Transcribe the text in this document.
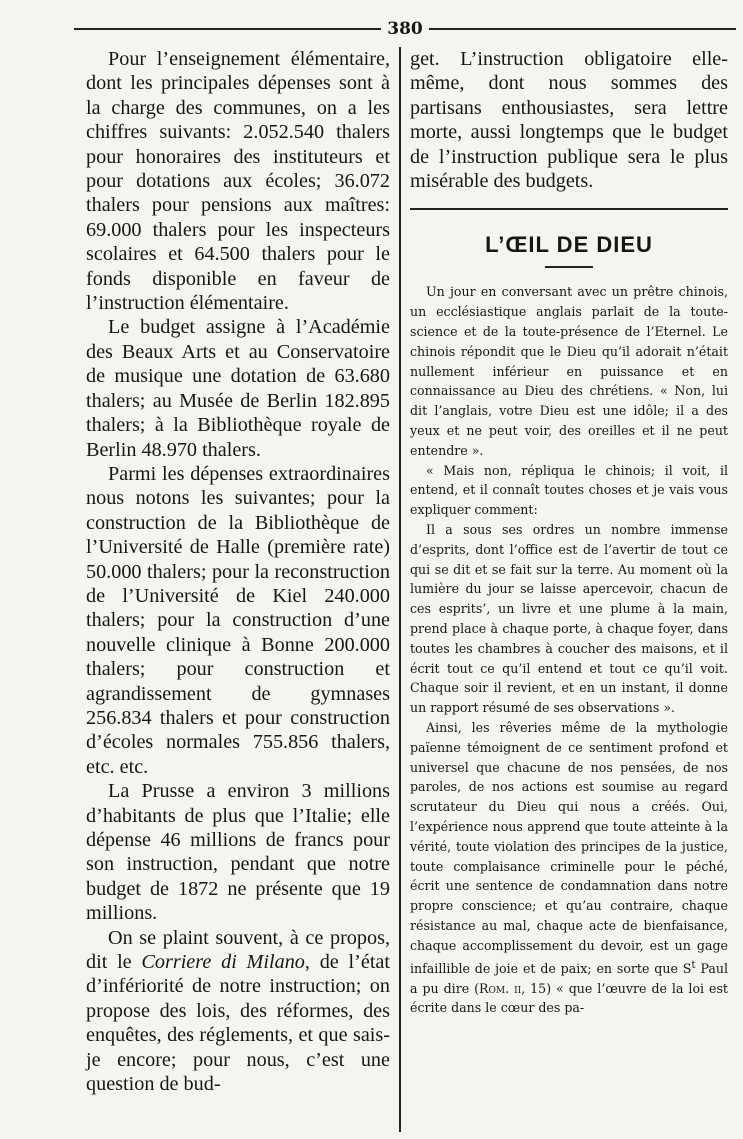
380

Pour l’enseignement élémentaire, dont les principales dépenses sont à la charge des communes, on a les chiffres suivants: 2.052.540 thalers pour honoraires des instituteurs et pour dotations aux écoles; 36.072 thalers pour pensions aux maîtres: 69.000 thalers pour les inspecteurs scolaires et 64.500 thalers pour le fonds disponible en faveur de l’instruction élémentaire.

Le budget assigne à l’Académie des Beaux Arts et au Conservatoire de musique une dotation de 63.680 thalers; au Musée de Berlin 182.895 thalers; à la Bibliothèque royale de Berlin 48.970 thalers.

Parmi les dépenses extraordinaires nous notons les suivantes; pour la construction de la Bibliothèque de l’Université de Halle (première rate) 50.000 thalers; pour la reconstruction de l’Université de Kiel 240.000 thalers; pour la construction d’une nouvelle clinique à Bonne 200.000 thalers; pour construction et agrandissement de gymnases 256.834 thalers et pour construction d’écoles normales 755.856 thalers, etc. etc.

La Prusse a environ 3 millions d’habitants de plus que l’Italie; elle dépense 46 millions de francs pour son instruction, pendant que notre budget de 1872 ne présente que 19 millions.

On se plaint souvent, à ce propos, dit le Corriere di Milano, de l’état d’infériorité de notre instruction; on propose des lois, des réformes, des enquêtes, des réglements, et que sais-je encore; pour nous, c’est une question de bud-

get. L’instruction obligatoire elle-même, dont nous sommes des partisans enthousiastes, sera lettre morte, aussi longtemps que le budget de l’instruction publique sera le plus misérable des budgets.
L’ŒIL DE DIEU

Un jour en conversant avec un prêtre chinois, un ecclésiastique anglais parlait de la toute-science et de la toute-présence de l’Eternel. Le chinois répondit que le Dieu qu’il adorait n’était nullement inférieur en puissance et en connaissance au Dieu des chrétiens. « Non, lui dit l’anglais, votre Dieu est une idôle; il a des yeux et ne peut voir, des oreilles et il ne peut entendre ».

« Mais non, répliqua le chinois; il voit, il entend, et il connaît toutes choses et je vais vous expliquer comment:

Il a sous ses ordres un nombre immense d’esprits, dont l’office est de l’avertir de tout ce qui se dit et se fait sur la terre. Au moment où la lumière du jour se laisse apercevoir, chacun de ces esprits’, un livre et une plume à la main, prend place à chaque porte, à chaque foyer, dans toutes les chambres à coucher des maisons, et il écrit tout ce qu’il entend et tout ce qu’il voit. Chaque soir il revient, et en un instant, il donne un rapport résumé de ses observations ».

Ainsi, les rêveries même de la mythologie païenne témoignent de ce sentiment profond et universel que chacune de nos pensées, de nos paroles, de nos actions est soumise au regard scrutateur du Dieu qui nous a créés. Oui, l’expérience nous apprend que toute atteinte à la vérité, toute violation des principes de la justice, toute complaisance criminelle pour le péché, écrit une sentence de condamnation dans notre propre conscience; et qu’au contraire, chaque résistance au mal, chaque acte de bienfaisance, chaque accomplissement du devoir, est un gage infaillible de joie et de paix; en sorte que $S^t$ Paul a pu dire (Rom. ii, 15) « que l’œuvre de la loi est écrite dans le cœur des pa-
